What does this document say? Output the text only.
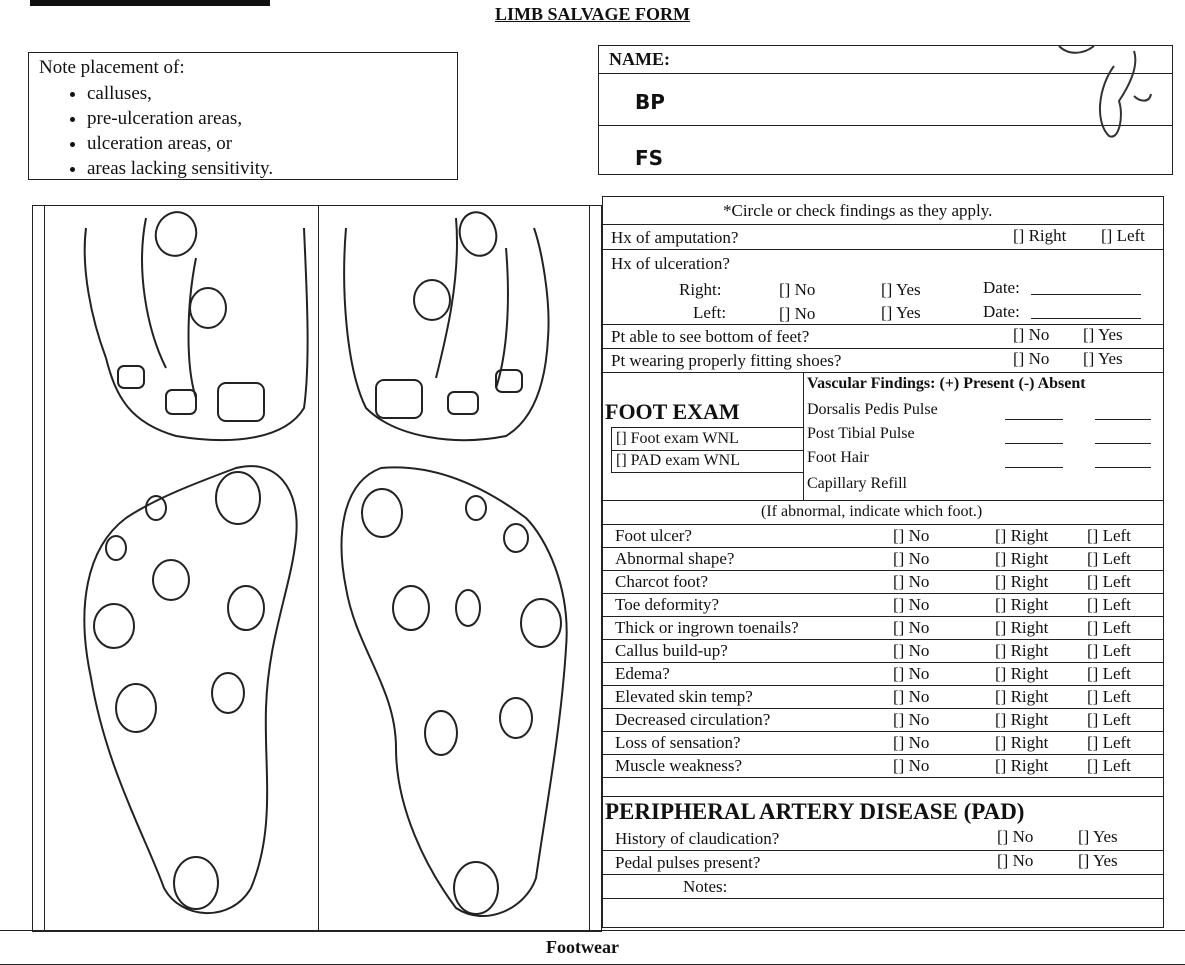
LIMB SALVAGE FORM
Note placement of:
• calluses,
• pre-ulceration areas,
• ulceration areas, or
• areas lacking sensitivity.
NAME:
BP
FS
*Circle or check findings as they apply.
Hx of amputation?	[] Right [] Left
Hx of ulceration?
Right:	[] No	[] Yes	Date:
Left:	[] No	[] Yes	Date:
Pt able to see bottom of feet?	[] No [] Yes
Pt wearing properly fitting shoes?	[] No [] Yes
FOOT EXAM
[] Foot exam WNL
[] PAD exam WNL
Vascular Findings: (+) Present (-) Absent
Dorsalis Pedis Pulse
Post Tibial Pulse
Foot Hair
Capillary Refill
(If abnormal, indicate which foot.)
Foot ulcer?	[] No	[] Right [] Left
Abnormal shape?	[] No	[] Right [] Left
Charcot foot?	[] No	[] Right [] Left
Toe deformity?	[] No	[] Right [] Left
Thick or ingrown toenails?	[] No	[] Right [] Left
Callus build-up?	[] No	[] Right [] Left
Edema?	[] No	[] Right [] Left
Elevated skin temp?	[] No	[] Right [] Left
Decreased circulation?	[] No	[] Right [] Left
Loss of sensation?	[] No	[] Right [] Left
Muscle weakness?	[] No	[] Right [] Left
PERIPHERAL ARTERY DISEASE (PAD)
History of claudication?	[] No	[] Yes
Pedal pulses present?	[] No	[] Yes
Notes:
Footwear
